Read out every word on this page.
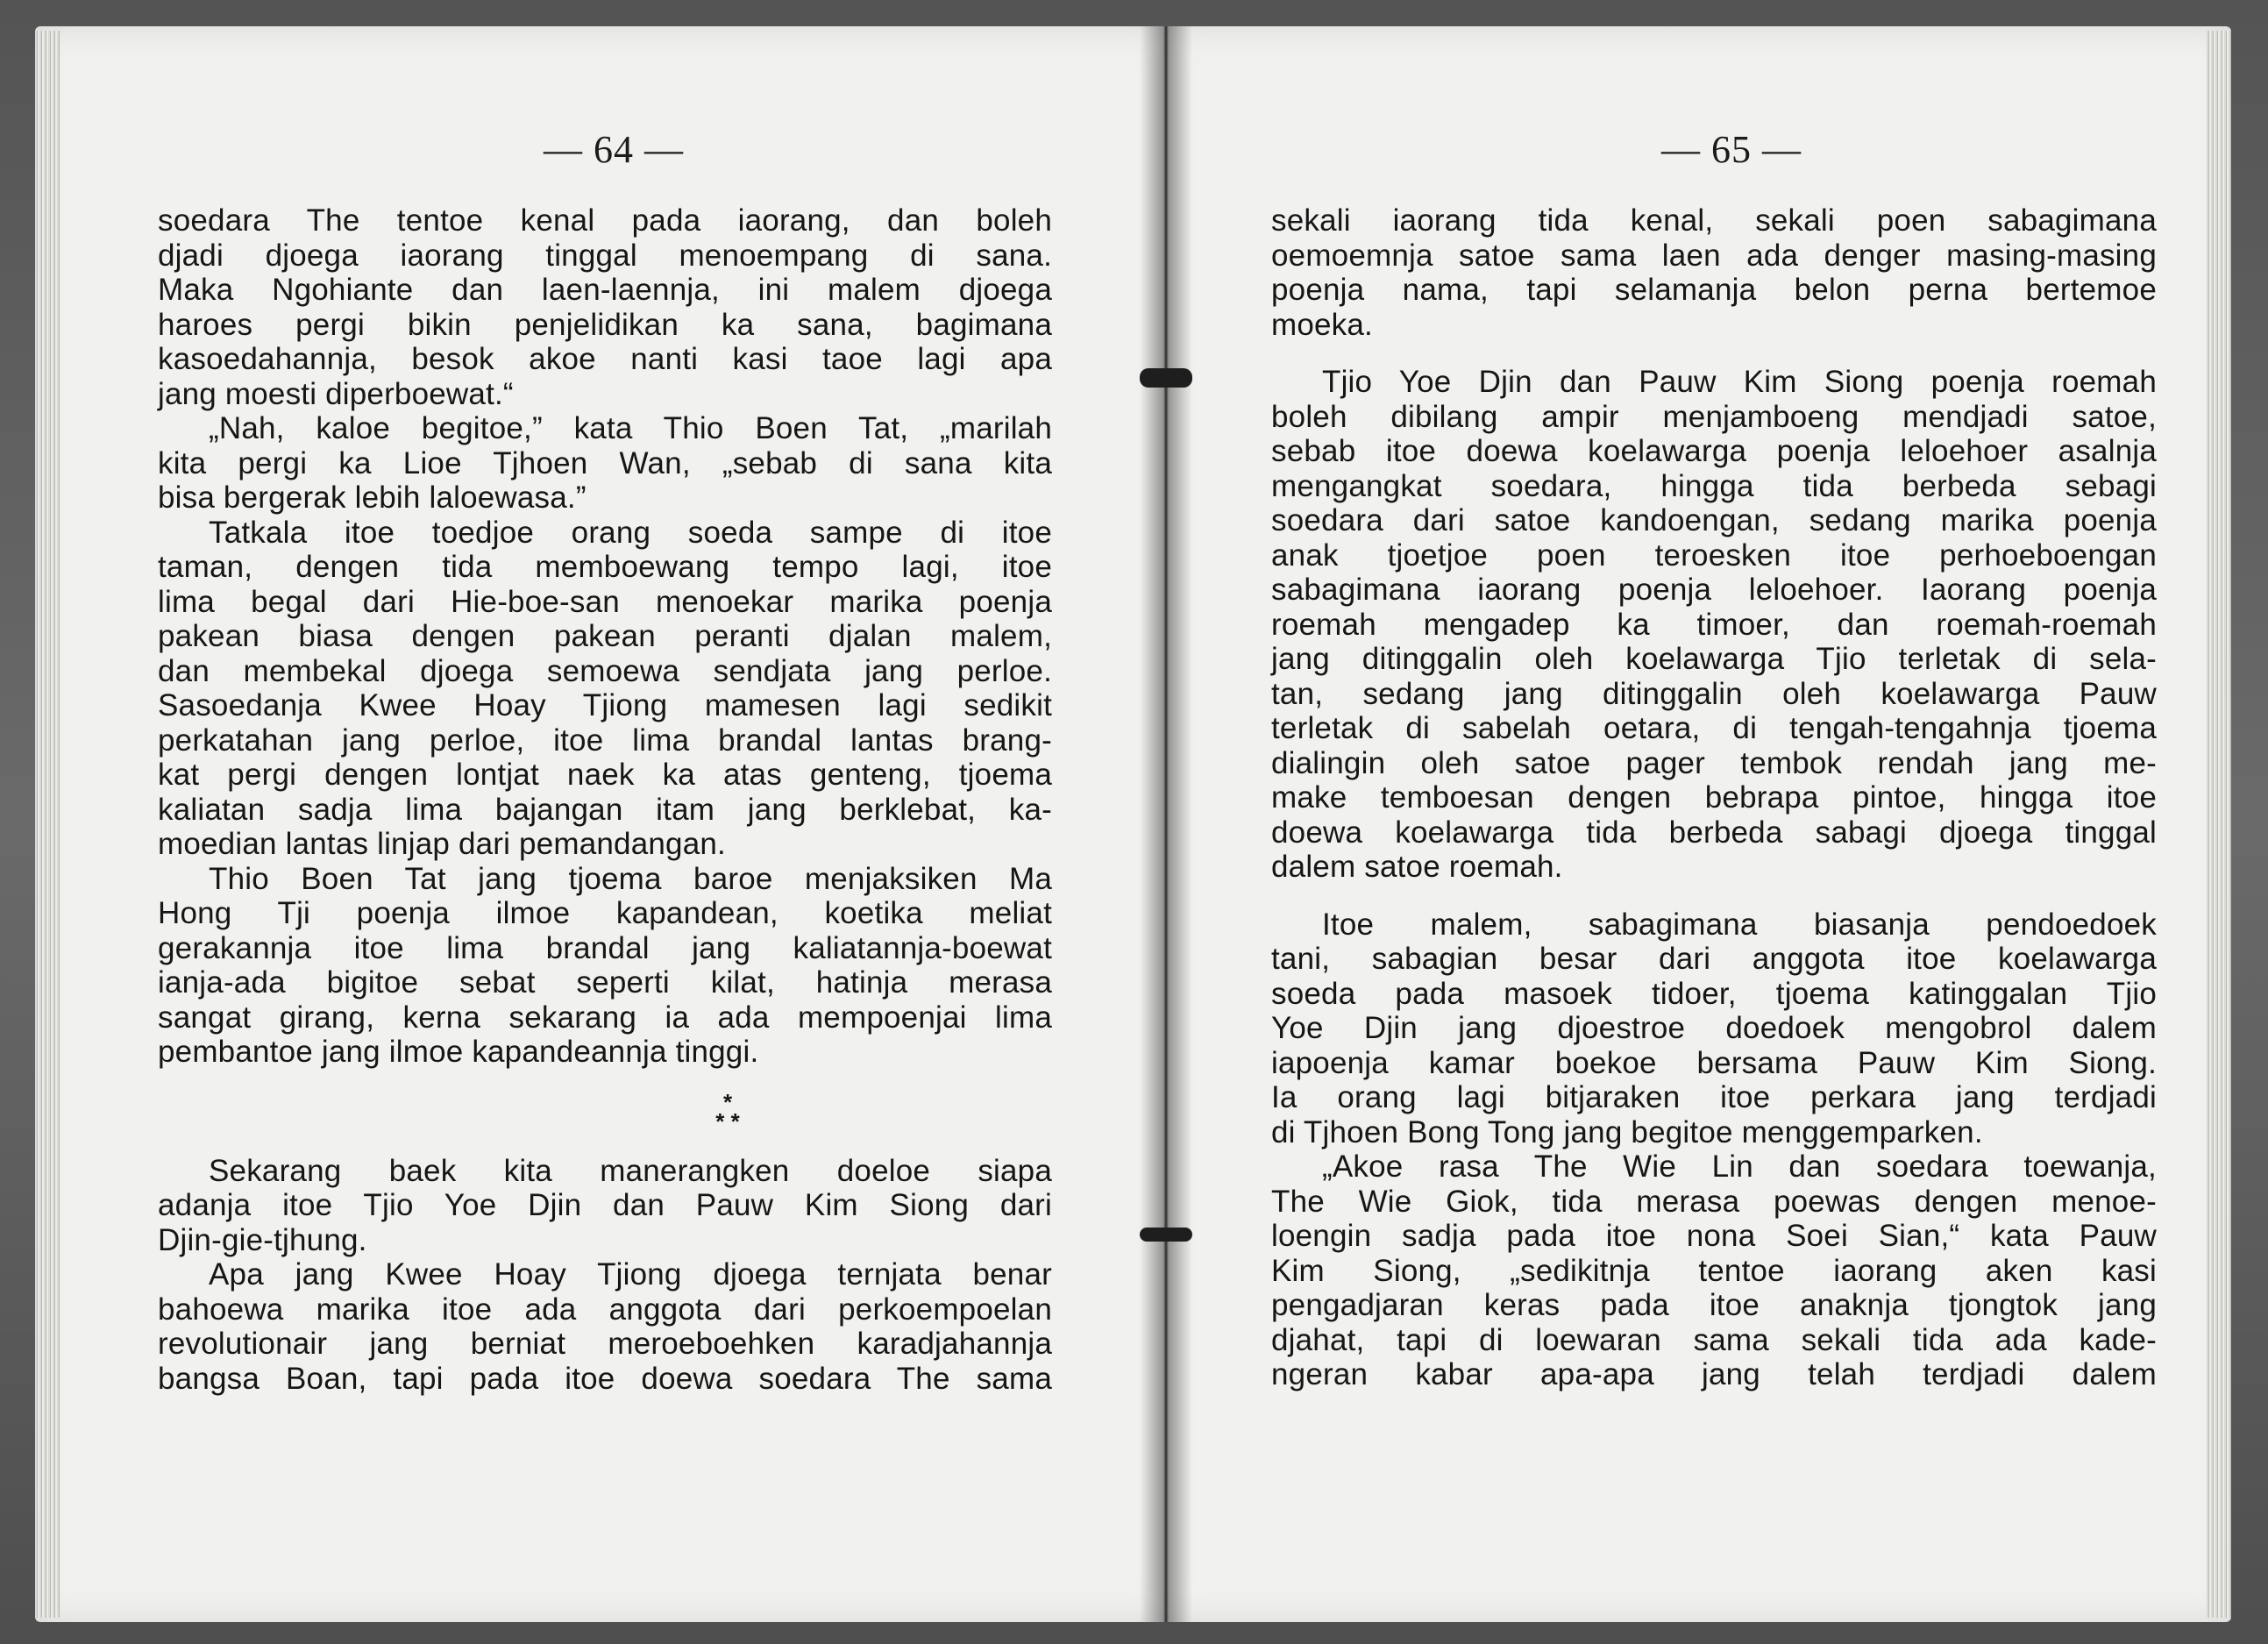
— 64 —	— 65 —
soedara The tentoe kenal pada iaorang, dan boleh
djadi djoega iaorang tinggal menoempang di sana.
Maka Ngohiante dan laen-laennja, ini malem djoega
haroes pergi bikin penjelidikan ka sana, bagimana
kasoedahannja, besok akoe nanti kasi taoe lagi apa
jang moesti diperboewat.“
„Nah, kaloe begitoe,” kata Thio Boen Tat, „marilah
kita pergi ka Lioe Tjhoen Wan, „sebab di sana kita
bisa bergerak lebih laloewasa.”
Tatkala itoe toedjoe orang soeda sampe di itoe
taman, dengen tida memboewang tempo lagi, itoe
lima begal dari Hie-boe-san menoekar marika poenja
pakean biasa dengen pakean peranti djalan malem,
dan membekal djoega semoewa sendjata jang perloe.
Sasoedanja Kwee Hoay Tjiong mamesen lagi sedikit
perkatahan jang perloe, itoe lima brandal lantas brang-
kat pergi dengen lontjat naek ka atas genteng, tjoema
kaliatan sadja lima bajangan itam jang berklebat, ka-
moedian lantas linjap dari pemandangan.
Thio Boen Tat jang tjoema baroe menjaksiken Ma
Hong Tji poenja ilmoe kapandean, koetika meliat
gerakannja itoe lima brandal jang kaliatannja-boewat
ianja-ada bigitoe sebat seperti kilat, hatinja merasa
sangat girang, kerna sekarang ia ada mempoenjai lima
pembantoe jang ilmoe kapandeannja tinggi.
*
* *
Sekarang baek kita manerangken doeloe siapa
adanja itoe Tjio Yoe Djin dan Pauw Kim Siong dari
Djin-gie-tjhung.
Apa jang Kwee Hoay Tjiong djoega ternjata benar
bahoewa marika itoe ada anggota dari perkoempoelan
revolutionair jang berniat meroeboehken karadjahannja
bangsa Boan, tapi pada itoe doewa soedara The sama
sekali iaorang tida kenal, sekali poen sabagimana
oemoemnja satoe sama laen ada denger masing-masing
poenja nama, tapi selamanja belon perna bertemoe
moeka.
Tjio Yoe Djin dan Pauw Kim Siong poenja roemah
boleh dibilang ampir menjamboeng mendjadi satoe,
sebab itoe doewa koelawarga poenja leloehoer asalnja
mengangkat soedara, hingga tida berbeda sebagi
soedara dari satoe kandoengan, sedang marika poenja
anak tjoetjoe poen teroesken itoe perhoeboengan
sabagimana iaorang poenja leloehoer. Iaorang poenja
roemah mengadep ka timoer, dan roemah-roemah
jang ditinggalin oleh koelawarga Tjio terletak di sela-
tan, sedang jang ditinggalin oleh koelawarga Pauw
terletak di sabelah oetara, di tengah-tengahnja tjoema
dialingin oleh satoe pager tembok rendah jang me-
make temboesan dengen bebrapa pintoe, hingga itoe
doewa koelawarga tida berbeda sabagi djoega tinggal
dalem satoe roemah.
Itoe malem, sabagimana biasanja pendoedoek
tani, sabagian besar dari anggota itoe koelawarga
soeda pada masoek tidoer, tjoema katinggalan Tjio
Yoe Djin jang djoestroe doedoek mengobrol dalem
iapoenja kamar boekoe bersama Pauw Kim Siong.
Ia orang lagi bitjaraken itoe perkara jang terdjadi
di Tjhoen Bong Tong jang begitoe menggemparken.
„Akoe rasa The Wie Lin dan soedara toewanja,
The Wie Giok, tida merasa poewas dengen menoe-
loengin sadja pada itoe nona Soei Sian,“ kata Pauw
Kim Siong, „sedikitnja tentoe iaorang aken kasi
pengadjaran keras pada itoe anaknja tjongtok jang
djahat, tapi di loewaran sama sekali tida ada kade-
ngeran kabar apa-apa jang telah terdjadi dalem
